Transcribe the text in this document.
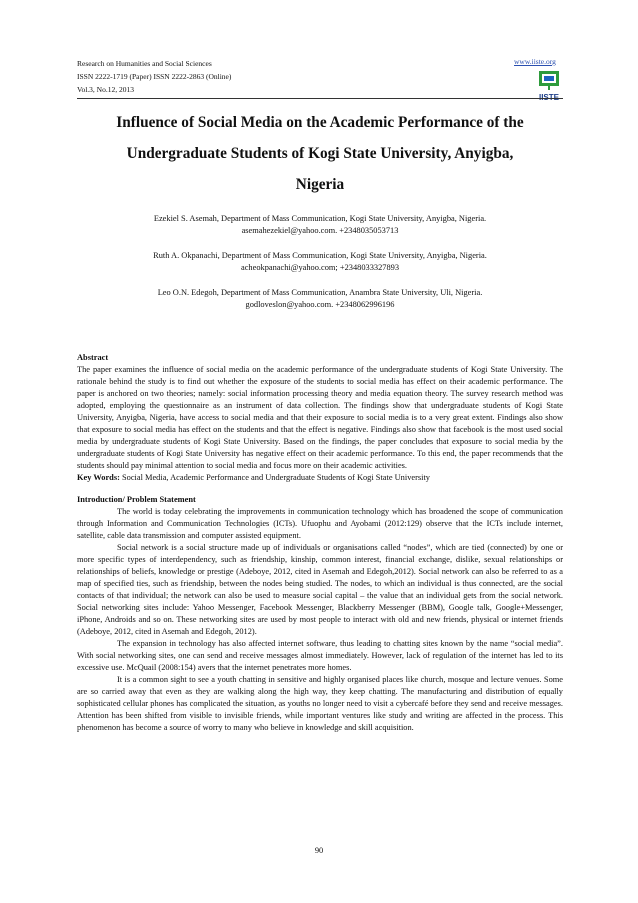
Research on Humanities and Social Sciences
ISSN 2222-1719 (Paper) ISSN 2222-2863 (Online)
Vol.3, No.12, 2013
www.iiste.org
Influence of Social Media on the Academic Performance of the
Undergraduate Students of Kogi State University, Anyigba,
Nigeria
Ezekiel S. Asemah, Department of Mass Communication, Kogi State University, Anyigba, Nigeria.
asemahezekiel@yahoo.com. +2348035053713
Ruth A. Okpanachi, Department of Mass Communication, Kogi State University, Anyigba, Nigeria.
acheokpanachi@yahoo.com; +2348033327893
Leo O.N. Edegoh, Department of Mass Communication, Anambra State University, Uli, Nigeria.
godloveslon@yahoo.com. +2348062996196
Abstract

The paper examines the influence of social media on the academic performance of the undergraduate students of Kogi State University. The rationale behind the study is to find out whether the exposure of the students to social media has effect on their academic performance. The paper is anchored on two theories; namely: social information processing theory and media equation theory. The survey research method was adopted, employing the questionnaire as an instrument of data collection. The findings show that undergraduate students of Kogi State University, Anyigba, Nigeria, have access to social media and that their exposure to social media is to a very great extent. Findings also show that exposure to social media has effect on the students and that the effect is negative. Findings also show that facebook is the most used social media by undergraduate students of Kogi State University. Based on the findings, the paper concludes that exposure to social media by the undergraduate students of Kogi State University has negative effect on their academic performance. To this end, the paper recommends that the students should pay minimal attention to social media and focus more on their academic activities.

Key Words: Social Media, Academic Performance and Undergraduate Students of Kogi State University

Introduction/ Problem Statement

The world is today celebrating the improvements in communication technology which has broadened the scope of communication through Information and Communication Technologies (ICTs). Ufuophu and Ayobami (2012:129) observe that the ICTs include internet, satellite, cable data transmission and computer assisted equipment.

Social network is a social structure made up of individuals or organisations called “nodes”, which are tied (connected) by one or more specific types of interdependency, such as friendship, kinship, common interest, financial exchange, dislike, sexual relationships or relationships of beliefs, knowledge or prestige (Adeboye, 2012, cited in Asemah and Edegoh,2012). Social network can also be referred to as a map of specified ties, such as friendship, between the nodes being studied. The nodes, to which an individual is thus connected, are the social contacts of that individual; the network can also be used to measure social capital – the value that an individual gets from the social network. Social networking sites include: Yahoo Messenger, Facebook Messenger, Blackberry Messenger (BBM), Google talk, Google+Messenger, iPhone, Androids and so on. These networking sites are used by most people to interact with old and new friends, physical or internet friends (Adeboye, 2012, cited in Asemah and Edegoh, 2012).

The expansion in technology has also affected internet software, thus leading to chatting sites known by the name “social media”. With social networking sites, one can send and receive messages almost immediately. However, lack of regulation of the internet has led to its excessive use. McQuail (2008:154) avers that the internet penetrates more homes.

It is a common sight to see a youth chatting in sensitive and highly organised places like church, mosque and lecture venues. Some are so carried away that even as they are walking along the high way, they keep chatting. The manufacturing and distribution of equally sophisticated cellular phones has complicated the situation, as youths no longer need to visit a cybercafé before they send and receive messages. Attention has been shifted from visible to invisible friends, while important ventures like study and writing are affected in the process. This phenomenon has become a source of worry to many who believe in knowledge and skill acquisition.

90
